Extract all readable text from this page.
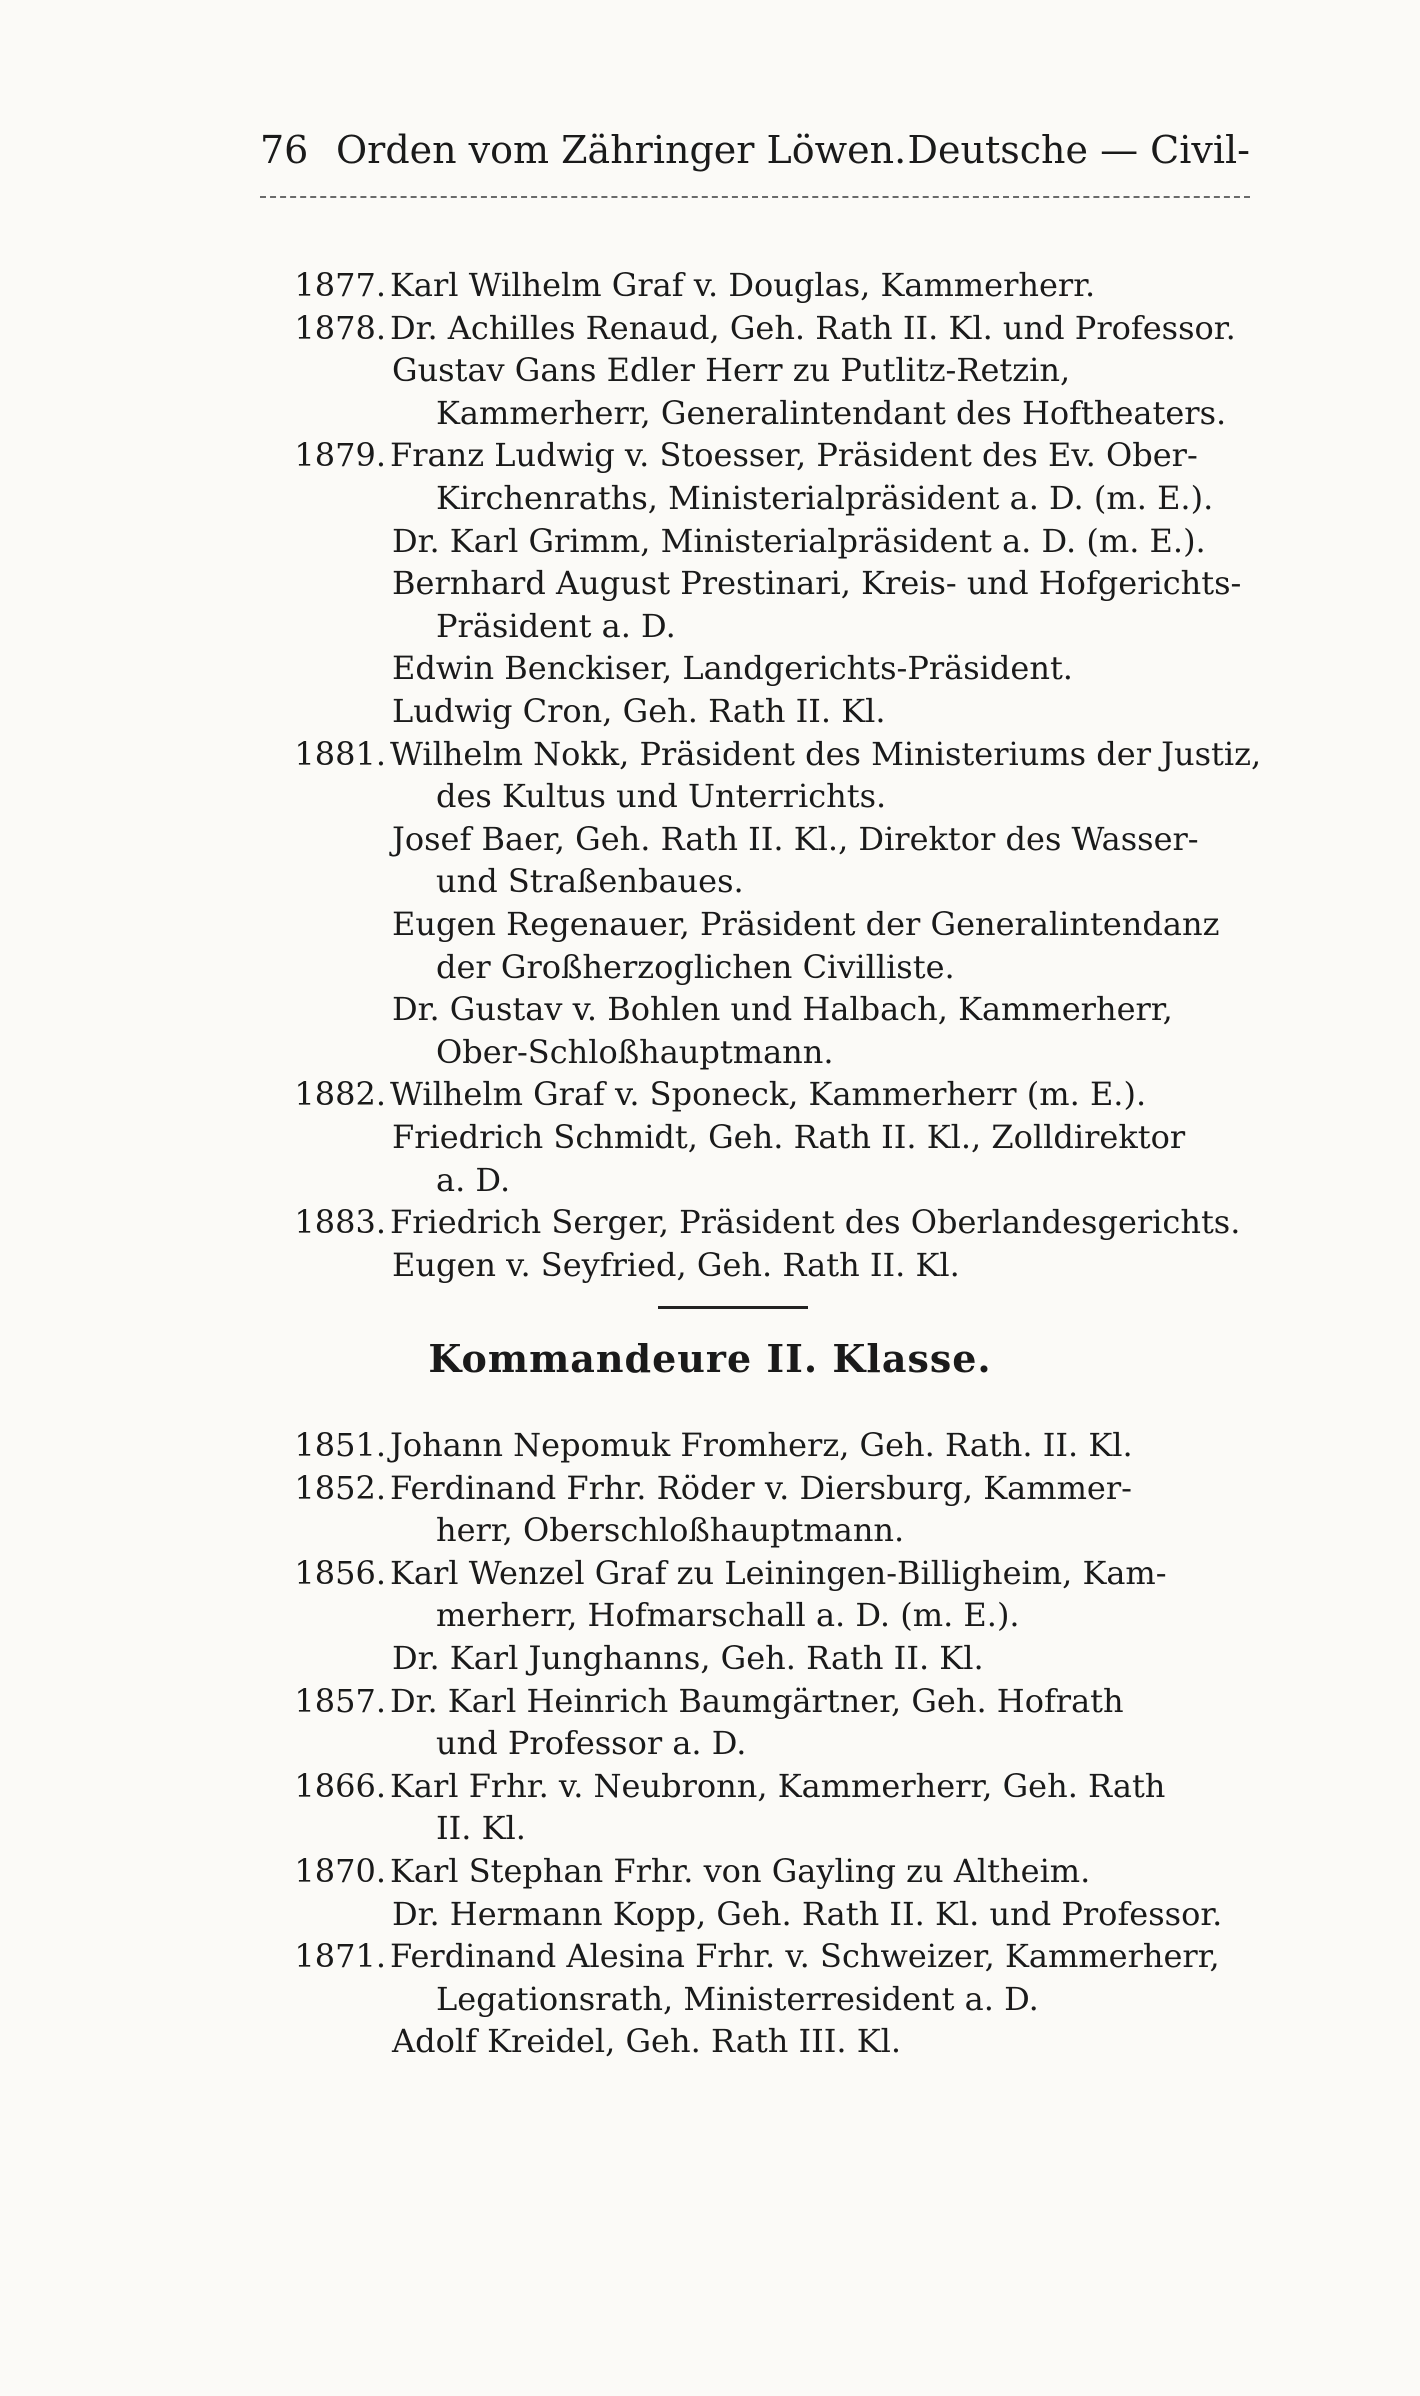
76 Orden vom Zähringer Löwen. Deutsche — Civil-
Kommandeure II. Klasse.
1877. Karl Wilhelm Graf v. Douglas, Kammerherr.
1878. Dr. Achilles Renaud, Geh. Rath II. Kl. und Professor.
Gustav Gans Edler Herr zu Putlitz-Retzin,
Kammerherr, Generalintendant des Hoftheaters.
1879. Franz Ludwig v. Stoesser, Präsident des Ev. Ober-
Kirchenraths, Ministerialpräsident a. D. (m. E.).
Dr. Karl Grimm, Ministerialpräsident a. D. (m. E.).
Bernhard August Prestinari, Kreis- und Hofgerichts-
Präsident a. D.
Edwin Benckiser, Landgerichts-Präsident.
Ludwig Cron, Geh. Rath II. Kl.
1881. Wilhelm Nokk, Präsident des Ministeriums der Justiz,
des Kultus und Unterrichts.
Josef Baer, Geh. Rath II. Kl., Direktor des Wasser-
und Straßenbaues.
Eugen Regenauer, Präsident der Generalintendanz
der Großherzoglichen Civilliste.
Dr. Gustav v. Bohlen und Halbach, Kammerherr,
Ober-Schloßhauptmann.
1882. Wilhelm Graf v. Sponeck, Kammerherr (m. E.).
Friedrich Schmidt, Geh. Rath II. Kl., Zolldirektor
a. D.
1883. Friedrich Serger, Präsident des Oberlandesgerichts.
Eugen v. Seyfried, Geh. Rath II. Kl.
1851. Johann Nepomuk Fromherz, Geh. Rath. II. Kl.
1852. Ferdinand Frhr. Röder v. Diersburg, Kammer-
herr, Oberschloßhauptmann.
1856. Karl Wenzel Graf zu Leiningen-Billigheim, Kam-
merherr, Hofmarschall a. D. (m. E.).
Dr. Karl Junghanns, Geh. Rath II. Kl.
1857. Dr. Karl Heinrich Baumgärtner, Geh. Hofrath
und Professor a. D.
1866. Karl Frhr. v. Neubronn, Kammerherr, Geh. Rath
II. Kl.
1870. Karl Stephan Frhr. von Gayling zu Altheim.
Dr. Hermann Kopp, Geh. Rath II. Kl. und Professor.
1871. Ferdinand Alesina Frhr. v. Schweizer, Kammerherr,
Legationsrath, Ministerresident a. D.
Adolf Kreidel, Geh. Rath III. Kl.
